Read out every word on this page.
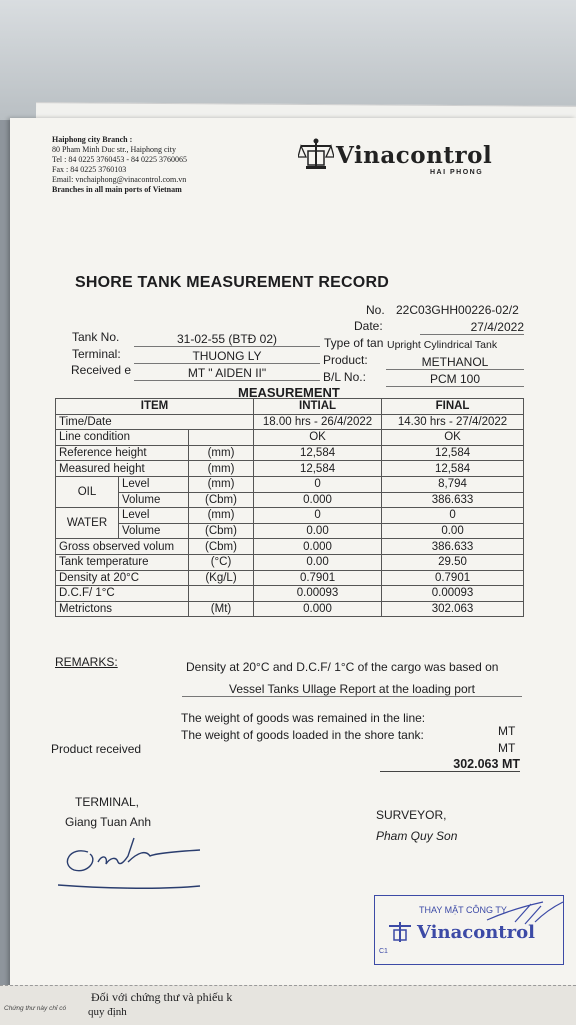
Haiphong city Branch :
80 Pham Minh Duc str., Haiphong city
Tel : 84 0225 3760453 - 84 0225 3760065
Fax : 84 0225 3760103
Email: vnchaiphong@vinacontrol.com.vn
Branches in all main ports of Vietnam
Vinacontrol
HAI PHONG
SHORE TANK MEASUREMENT RECORD
No. 22C03GHH00226-02/2
Date:	27/4/2022
Tank No.	31-02-55 (BTĐ 02)	Type of tan Upright Cylindrical Tank
Terminal:	THUONG LY	Product:	METHANOL
Received e	MT " AIDEN II"	B/L No.:	PCM 100
MEASUREMENT
ITEM			INTIAL	FINAL
Time/Date			18.00 hrs - 26/4/2022	14.30 hrs - 27/4/2022
Line condition			OK	OK
Reference height		(mm)	12,584	12,584
Measured height		(mm)	12,584	12,584
OIL	Level	(mm)	0	8,794
	Volume	(Cbm)	0.000	386.633
WATER	Level	(mm)	0	0
	Volume	(Cbm)	0.00	0.00
Gross observed volum		(Cbm)	0.000	386.633
Tank temperature		(°C)	0.00	29.50
Density at 20°C		(Kg/L)	0.7901	0.7901
D.C.F/ 1°C			0.00093	0.00093
Metrictons		(Mt)	0.000	302.063
REMARKS:	Density at 20°C and D.C.F/ 1°C of the cargo was based on
Vessel Tanks Ullage Report at the loading port
The weight of goods was remained in the line:
MT
The weight of goods loaded in the shore tank:
MT
Product received
302.063 MT
TERMINAL,
Giang Tuan Anh	SURVEYOR,
Pham Quy Son
THAY MẶT CÔNG TY
Vinacontrol
C1
Đối với chứng thư và phiếu k
quy định
Chứng thư này chỉ có
